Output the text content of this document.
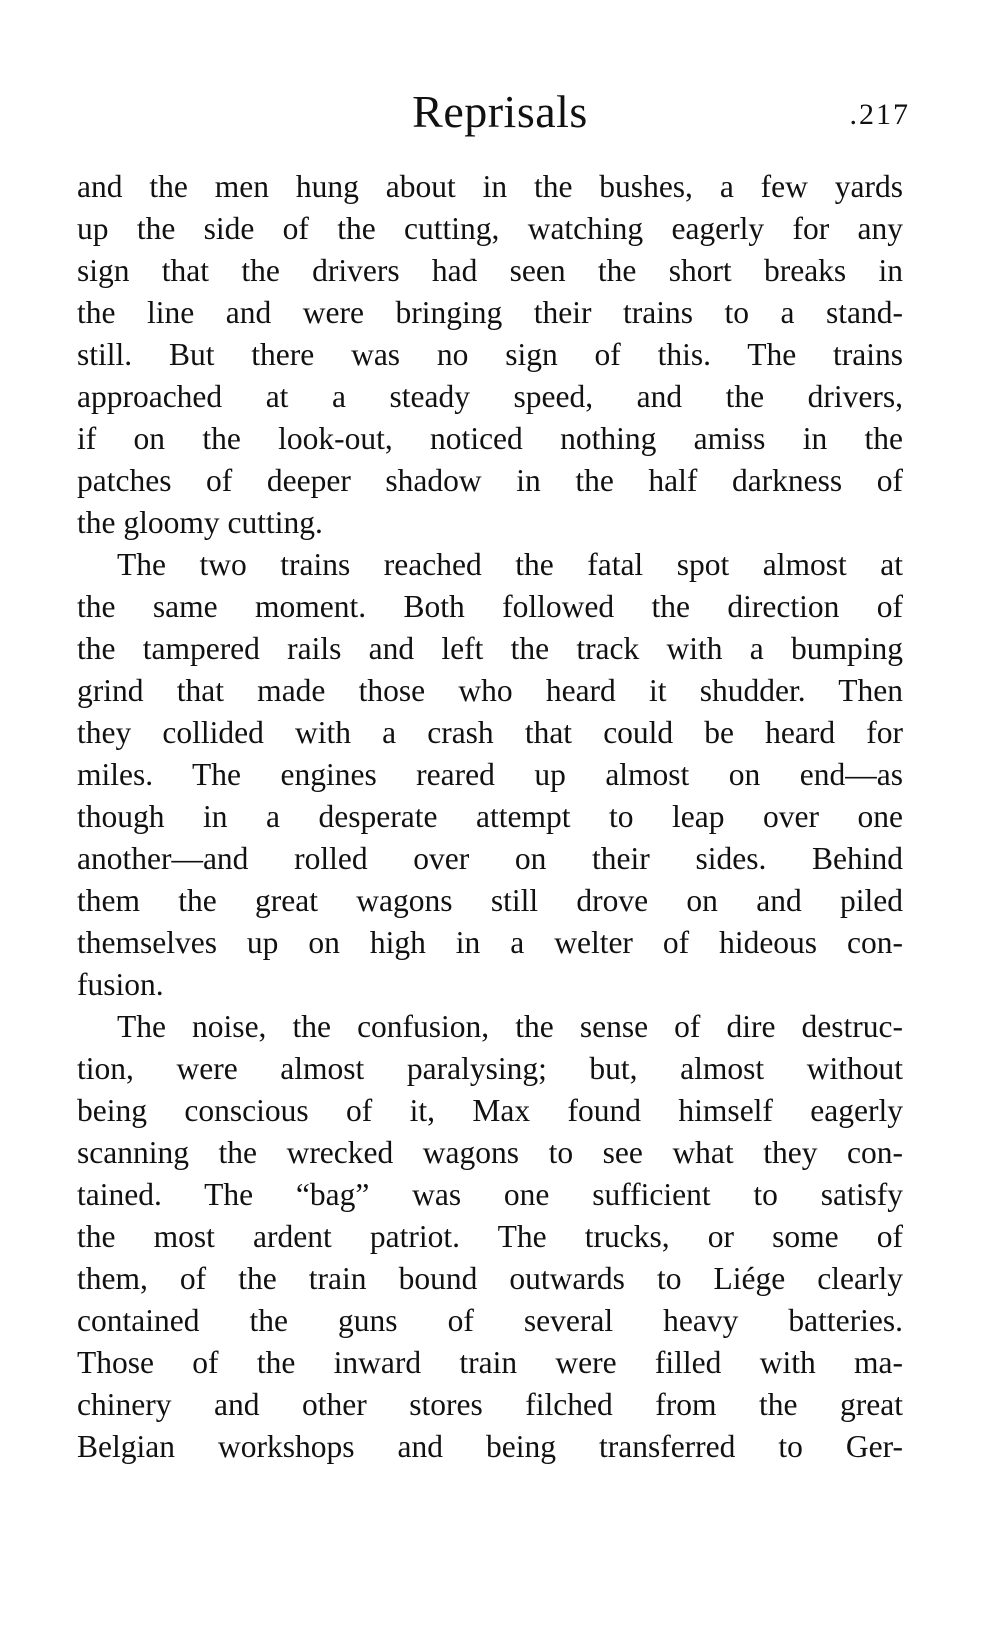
Reprisals	.217
and the men hung about in the bushes, a few yards
up the side of the cutting, watching eagerly for any
sign that the drivers had seen the short breaks in
the line and were bringing their trains to a stand-
still. But there was no sign of this. The trains
approached at a steady speed, and the drivers,
if on the look-out, noticed nothing amiss in the
patches of deeper shadow in the half darkness of
the gloomy cutting.
The two trains reached the fatal spot almost at
the same moment. Both followed the direction of
the tampered rails and left the track with a bumping
grind that made those who heard it shudder. Then
they collided with a crash that could be heard for
miles. The engines reared up almost on end—as
though in a desperate attempt to leap over one
another—and rolled over on their sides. Behind
them the great wagons still drove on and piled
themselves up on high in a welter of hideous con-
fusion.
The noise, the confusion, the sense of dire destruc-
tion, were almost paralysing; but, almost without
being conscious of it, Max found himself eagerly
scanning the wrecked wagons to see what they con-
tained. The “bag” was one sufficient to satisfy
the most ardent patriot. The trucks, or some of
them, of the train bound outwards to Liége clearly
contained the guns of several heavy batteries.
Those of the inward train were filled with ma-
chinery and other stores filched from the great
Belgian workshops and being transferred to Ger-
